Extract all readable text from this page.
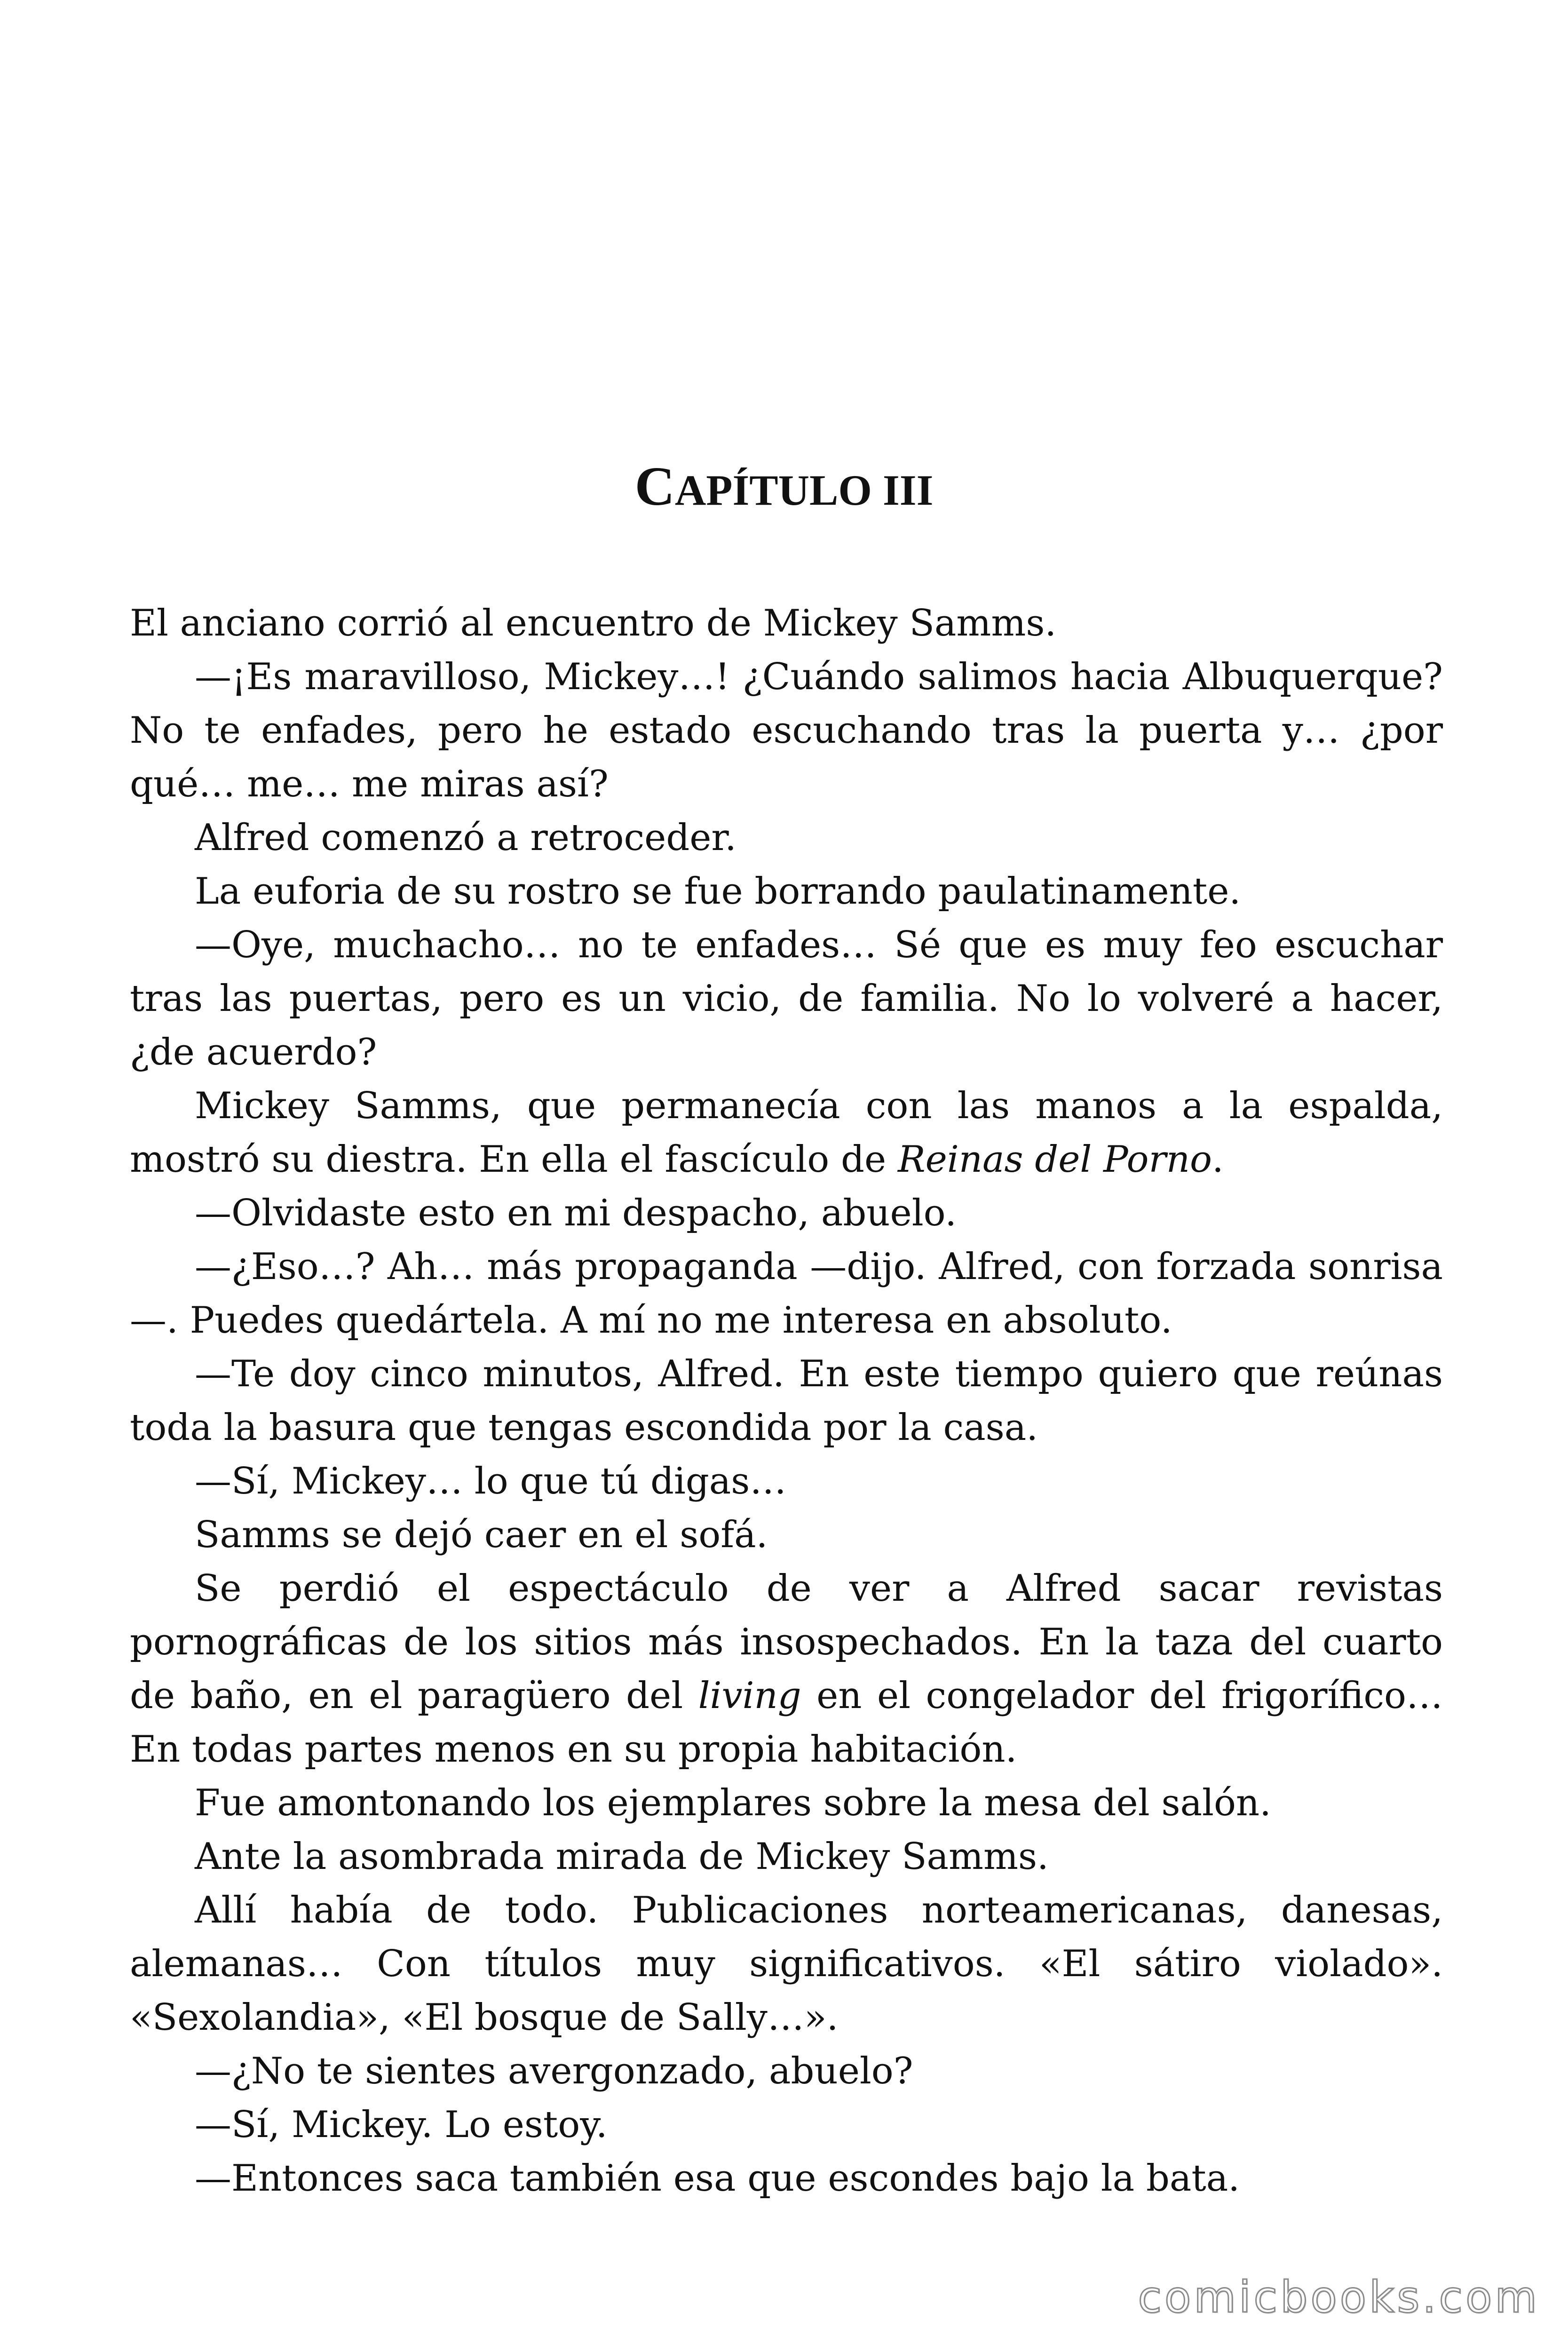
CAPÍTULO III

El anciano corrió al encuentro de Mickey Samms.

—¡Es maravilloso, Mickey…! ¿Cuándo salimos hacia Albuquerque? No te enfades, pero he estado escuchando tras la puerta y… ¿por qué… me… me miras así?

Alfred comenzó a retroceder.

La euforia de su rostro se fue borrando paulatinamente.

—Oye, muchacho… no te enfades… Sé que es muy feo escuchar tras las puertas, pero es un vicio, de familia. No lo volveré a hacer, ¿de acuerdo?

Mickey Samms, que permanecía con las manos a la espalda, mostró su diestra. En ella el fascículo de Reinas del Porno.

—Olvidaste esto en mi despacho, abuelo.

—¿Eso…? Ah… más propaganda —dijo. Alfred, con forzada sonrisa—. Puedes quedártela. A mí no me interesa en absoluto.

—Te doy cinco minutos, Alfred. En este tiempo quiero que reúnas toda la basura que tengas escondida por la casa.

—Sí, Mickey… lo que tú digas…

Samms se dejó caer en el sofá.

Se perdió el espectáculo de ver a Alfred sacar revistas pornográficas de los sitios más insospechados. En la taza del cuarto de baño, en el paragüero del living en el congelador del frigorífico… En todas partes menos en su propia habitación.

Fue amontonando los ejemplares sobre la mesa del salón.

Ante la asombrada mirada de Mickey Samms.

Allí había de todo. Publicaciones norteamericanas, danesas, alemanas… Con títulos muy significativos. «El sátiro violado». «Sexolandia», «El bosque de Sally…».

—¿No te sientes avergonzado, abuelo?

—Sí, Mickey. Lo estoy.

—Entonces saca también esa que escondes bajo la bata.

comicbooks.com
